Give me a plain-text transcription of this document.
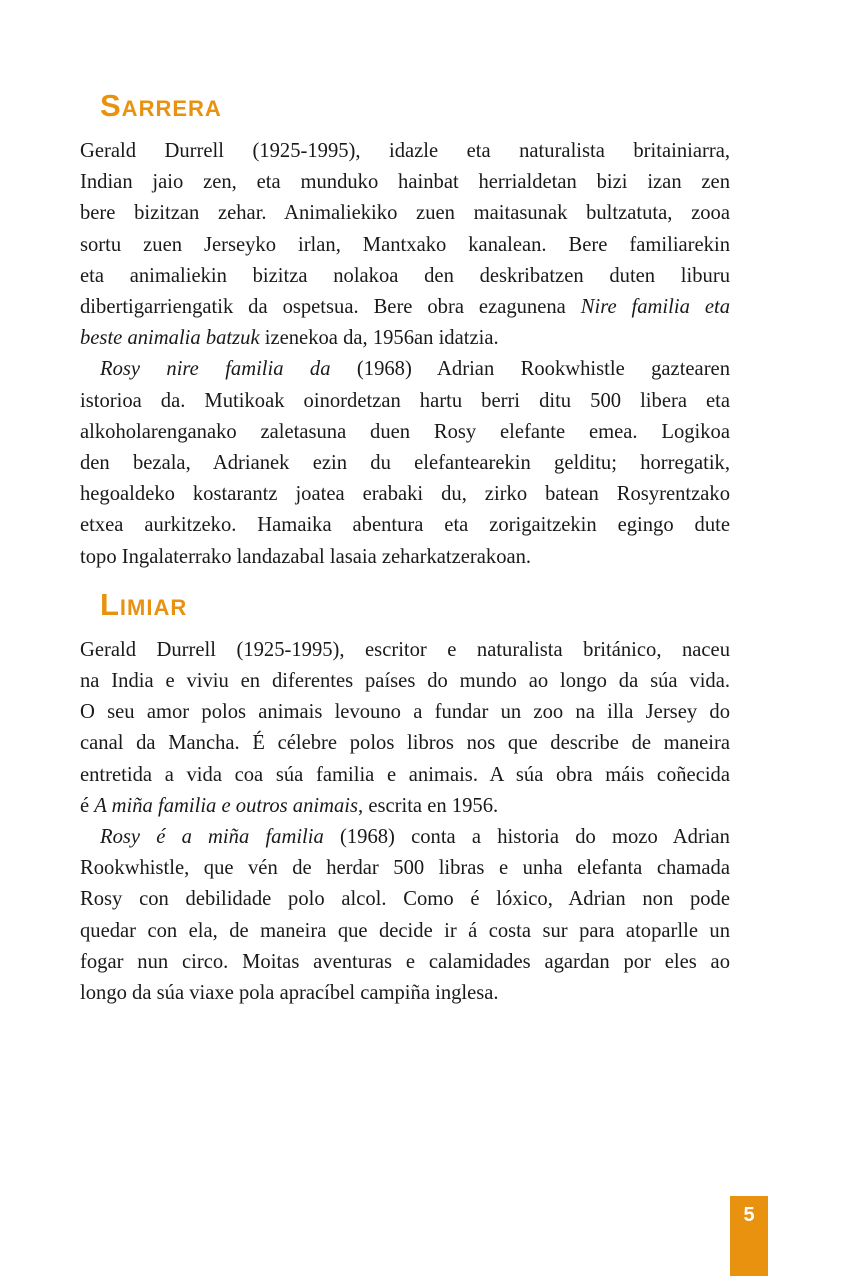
Sarrera
Gerald Durrell (1925-1995), idazle eta naturalista britainiarra,
Indian jaio zen, eta munduko hainbat herrialdetan bizi izan zen
bere bizitzan zehar. Animaliekiko zuen maitasunak bultzatuta, zooa
sortu zuen Jerseyko irlan, Mantxako kanalean. Bere familiarekin
eta animaliekin bizitza nolakoa den deskribatzen duten liburu
dibertigarriengatik da ospetsua. Bere obra ezagunena Nire familia eta
beste animalia batzuk izenekoa da, 1956an idatzia.
Rosy nire familia da (1968) Adrian Rookwhistle gaztearen
istorioa da. Mutikoak oinordetzan hartu berri ditu 500 libera eta
alkoholarenganako zaletasuna duen Rosy elefante emea. Logikoa
den bezala, Adrianek ezin du elefantearekin gelditu; horregatik,
hegoaldeko kostarantz joatea erabaki du, zirko batean Rosyrentzako
etxea aurkitzeko. Hamaika abentura eta zorigaitzekin egingo dute
topo Ingalaterrako landazabal lasaia zeharkatzerakoan.
Limiar
Gerald Durrell (1925-1995), escritor e naturalista británico, naceu
na India e viviu en diferentes países do mundo ao longo da súa vida.
O seu amor polos animais levouno a fundar un zoo na illa Jersey do
canal da Mancha. É célebre polos libros nos que describe de maneira
entretida a vida coa súa familia e animais. A súa obra máis coñecida
é A miña familia e outros animais, escrita en 1956.
Rosy é a miña familia (1968) conta a historia do mozo Adrian
Rookwhistle, que vén de herdar 500 libras e unha elefanta chamada
Rosy con debilidade polo alcol. Como é lóxico, Adrian non pode
quedar con ela, de maneira que decide ir á costa sur para atoparlle un
fogar nun circo. Moitas aventuras e calamidades agardan por eles ao
longo da súa viaxe pola apracíbel campiña inglesa.
5
